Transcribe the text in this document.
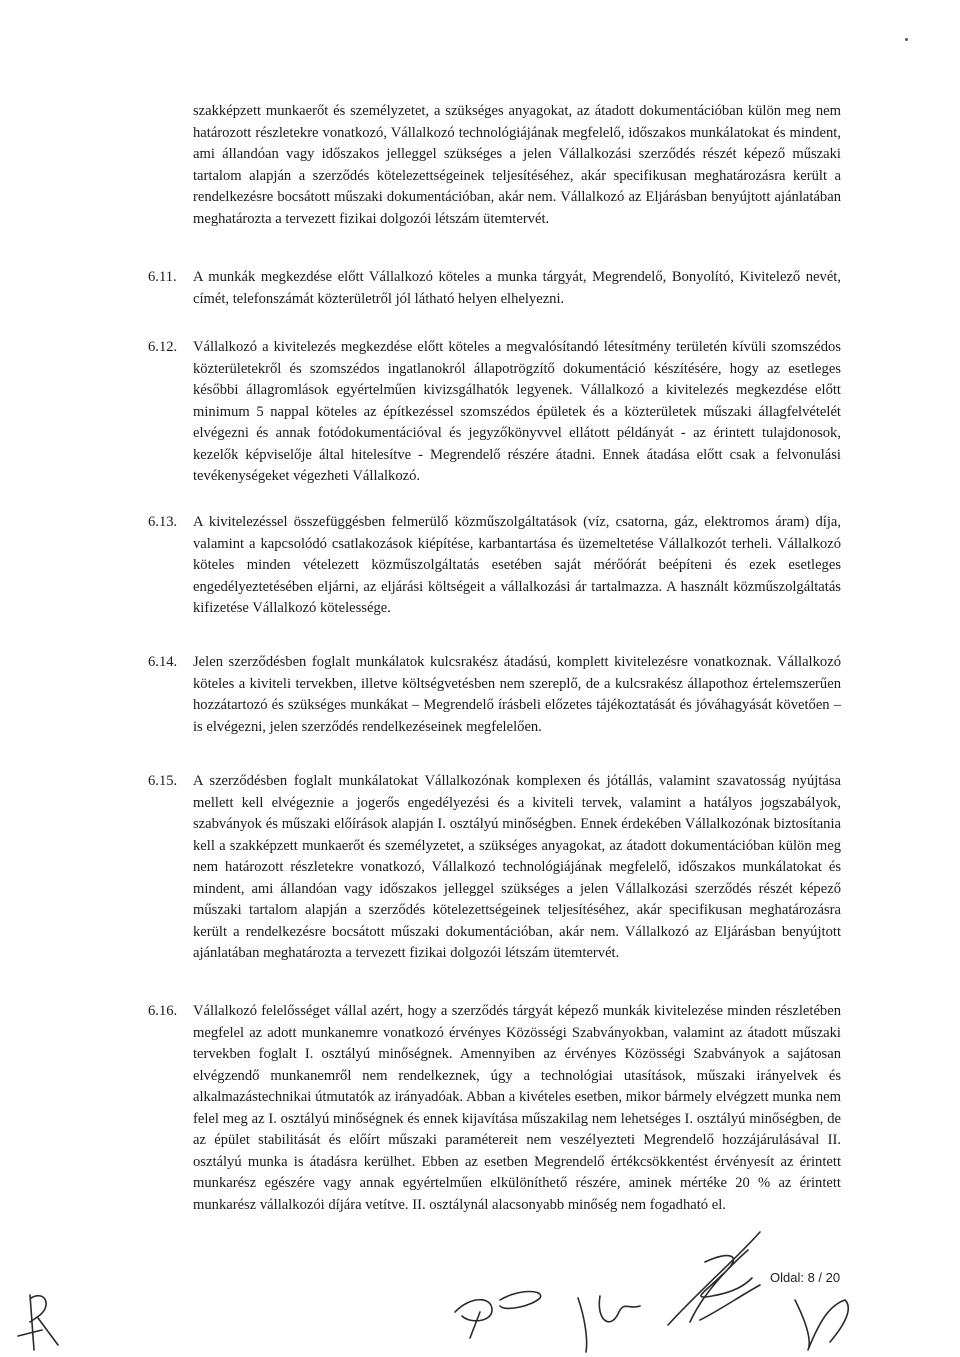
szakképzett munkaerőt és személyzetet, a szükséges anyagokat, az átadott dokumentációban külön meg nem határozott részletekre vonatkozó, Vállalkozó technológiájának megfelelő, időszakos munkálatokat és mindent, ami állandóan vagy időszakos jelleggel szükséges a jelen Vállalkozási szerződés részét képező műszaki tartalom alapján a szerződés kötelezettségeinek teljesítéséhez, akár specifikusan meghatározásra került a rendelkezésre bocsátott műszaki dokumentációban, akár nem. Vállalkozó az Eljárásban benyújtott ajánlatában meghatározta a tervezett fizikai dolgozói létszám ütemtervét.

6.11.	A munkák megkezdése előtt Vállalkozó köteles a munka tárgyát, Megrendelő, Bonyolító, Kivitelező nevét, címét, telefonszámát közterületről jól látható helyen elhelyezni.

6.12.	Vállalkozó a kivitelezés megkezdése előtt köteles a megvalósítandó létesítmény területén kívüli szomszédos közterületekről és szomszédos ingatlanokról állapotrögzítő dokumentáció készítésére, hogy az esetleges későbbi állagromlások egyértelműen kivizsgálhatók legyenek. Vállalkozó a kivitelezés megkezdése előtt minimum 5 nappal köteles az építkezéssel szomszédos épületek és a közterületek műszaki állagfelvételét elvégezni és annak fotódokumentációval és jegyzőkönyvvel ellátott példányát - az érintett tulajdonosok, kezelők képviselője által hitelesítve - Megrendelő részére átadni. Ennek átadása előtt csak a felvonulási tevékenységeket végezheti Vállalkozó.

6.13.	A kivitelezéssel összefüggésben felmerülő közműszolgáltatások (víz, csatorna, gáz, elektromos áram) díja, valamint a kapcsolódó csatlakozások kiépítése, karbantartása és üzemeltetése Vállalkozót terheli. Vállalkozó köteles minden vételezett közműszolgáltatás esetében saját mérőórát beépíteni és ezek esetleges engedélyeztetésében eljárni, az eljárási költségeit a vállalkozási ár tartalmazza. A használt közműszolgáltatás kifizetése Vállalkozó kötelessége.

6.14.	Jelen szerződésben foglalt munkálatok kulcsrakész átadású, komplett kivitelezésre vonatkoznak. Vállalkozó köteles a kiviteli tervekben, illetve költségvetésben nem szereplő, de a kulcsrakész állapothoz értelemszerűen hozzátartozó és szükséges munkákat – Megrendelő írásbeli előzetes tájékoztatását és jóváhagyását követően – is elvégezni, jelen szerződés rendelkezéseinek megfelelően.

6.15.	A szerződésben foglalt munkálatokat Vállalkozónak komplexen és jótállás, valamint szavatosság nyújtása mellett kell elvégeznie a jogerős engedélyezési és a kiviteli tervek, valamint a hatályos jogszabályok, szabványok és műszaki előírások alapján I. osztályú minőségben. Ennek érdekében Vállalkozónak biztosítania kell a szakképzett munkaerőt és személyzetet, a szükséges anyagokat, az átadott dokumentációban külön meg nem határozott részletekre vonatkozó, Vállalkozó technológiájának megfelelő, időszakos munkálatokat és mindent, ami állandóan vagy időszakos jelleggel szükséges a jelen Vállalkozási szerződés részét képező műszaki tartalom alapján a szerződés kötelezettségeinek teljesítéséhez, akár specifikusan meghatározásra került a rendelkezésre bocsátott műszaki dokumentációban, akár nem. Vállalkozó az Eljárásban benyújtott ajánlatában meghatározta a tervezett fizikai dolgozói létszám ütemtervét.

6.16.	Vállalkozó felelősséget vállal azért, hogy a szerződés tárgyát képező munkák kivitelezése minden részletében megfelel az adott munkanemre vonatkozó érvényes Közösségi Szabványokban, valamint az átadott műszaki tervekben foglalt I. osztályú minőségnek. Amennyiben az érvényes Közösségi Szabványok a sajátosan elvégzendő munkanemről nem rendelkeznek, úgy a technológiai utasítások, műszaki irányelvek és alkalmazástechnikai útmutatók az irányadóak. Abban a kivételes esetben, mikor bármely elvégzett munka nem felel meg az I. osztályú minőségnek és ennek kijavítása műszakilag nem lehetséges I. osztályú minőségben, de az épület stabilitását és előírt műszaki paramétereit nem veszélyezteti Megrendelő hozzájárulásával II. osztályú munka is átadásra kerülhet. Ebben az esetben Megrendelő értékcsökkentést érvényesít az érintett munkarész egészére vagy annak egyértelműen elkülöníthető részére, aminek mértéke 20 % az érintett munkarész vállalkozói díjára vetítve. II. osztálynál alacsonyabb minőség nem fogadható el.

Oldal: 8 / 20
